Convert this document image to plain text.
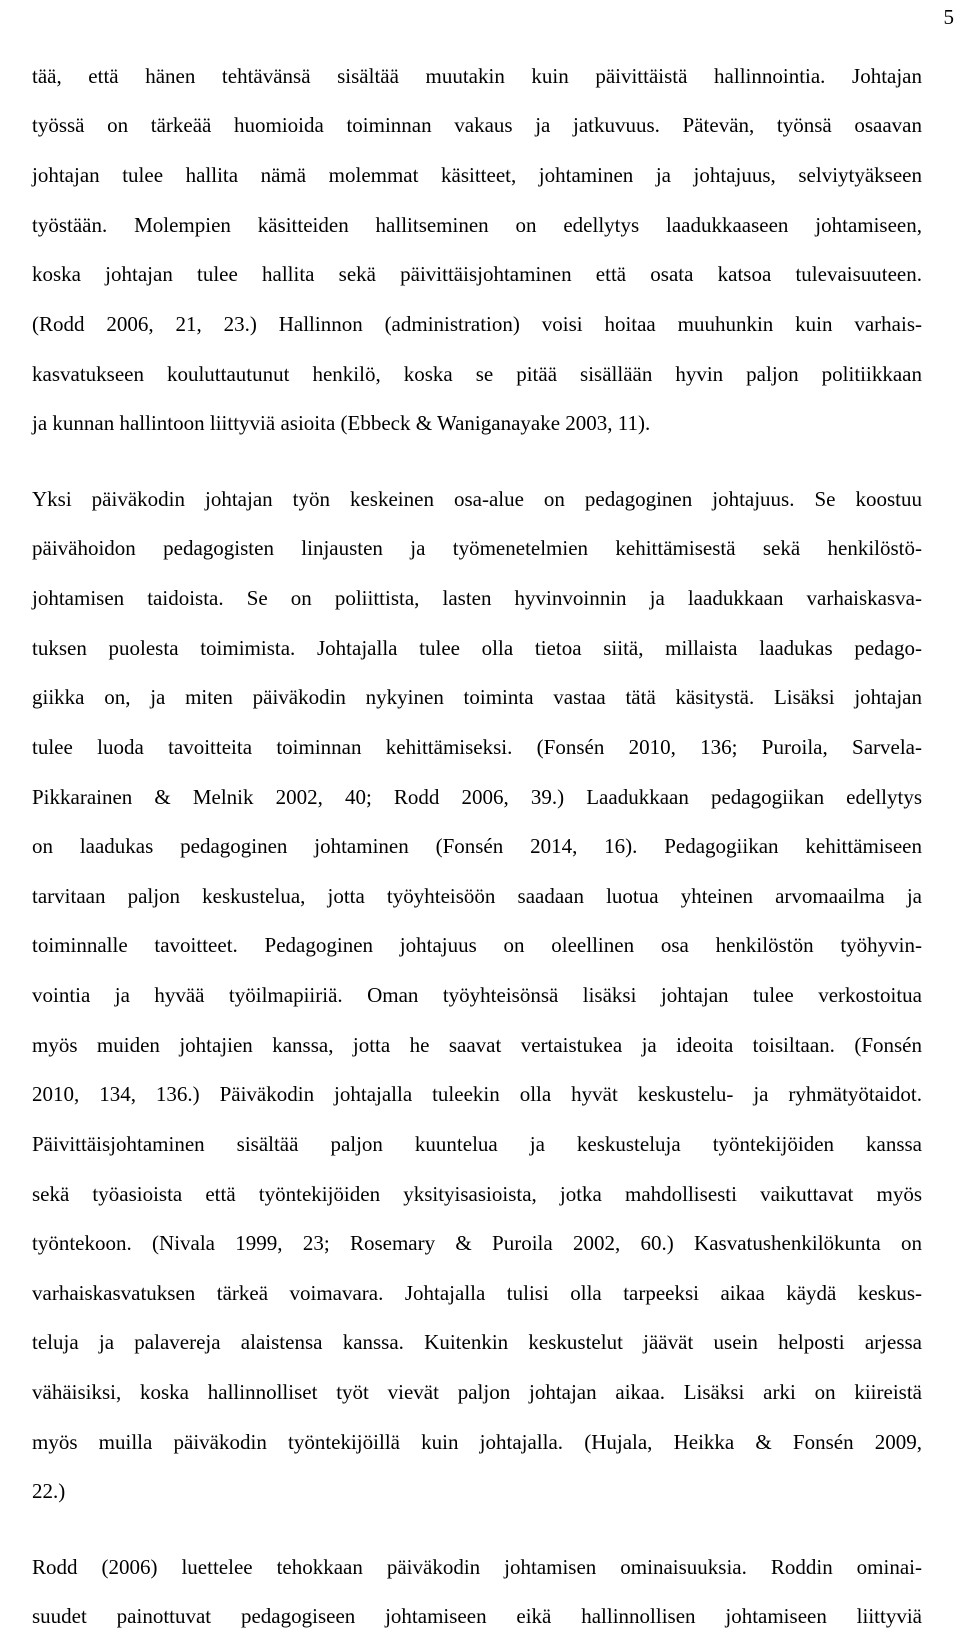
5
tää, että hänen tehtävänsä sisältää muutakin kuin päivittäistä hallinnointia. Johtajan
työssä on tärkeää huomioida toiminnan vakaus ja jatkuvuus. Pätevän, työnsä osaavan
johtajan tulee hallita nämä molemmat käsitteet, johtaminen ja johtajuus, selviytyäkseen
työstään. Molempien käsitteiden hallitseminen on edellytys laadukkaaseen johtamiseen,
koska johtajan tulee hallita sekä päivittäisjohtaminen että osata katsoa tulevaisuuteen.
(Rodd 2006, 21, 23.) Hallinnon (administration) voisi hoitaa muuhunkin kuin varhais-
kasvatukseen kouluttautunut henkilö, koska se pitää sisällään hyvin paljon politiikkaan
ja kunnan hallintoon liittyviä asioita (Ebbeck & Waniganayake 2003, 11).
Yksi päiväkodin johtajan työn keskeinen osa-alue on pedagoginen johtajuus. Se koostuu
päivähoidon pedagogisten linjausten ja työmenetelmien kehittämisestä sekä henkilöstö-
johtamisen taidoista. Se on poliittista, lasten hyvinvoinnin ja laadukkaan varhaiskasva-
tuksen puolesta toimimista. Johtajalla tulee olla tietoa siitä, millaista laadukas pedago-
giikka on, ja miten päiväkodin nykyinen toiminta vastaa tätä käsitystä. Lisäksi johtajan
tulee luoda tavoitteita toiminnan kehittämiseksi. (Fonsén 2010, 136; Puroila, Sarvela-
Pikkarainen & Melnik 2002, 40; Rodd 2006, 39.) Laadukkaan pedagogiikan edellytys
on laadukas pedagoginen johtaminen (Fonsén 2014, 16). Pedagogiikan kehittämiseen
tarvitaan paljon keskustelua, jotta työyhteisöön saadaan luotua yhteinen arvomaailma ja
toiminnalle tavoitteet. Pedagoginen johtajuus on oleellinen osa henkilöstön työhyvin-
vointia ja hyvää työilmapiiriä. Oman työyhteisönsä lisäksi johtajan tulee verkostoitua
myös muiden johtajien kanssa, jotta he saavat vertaistukea ja ideoita toisiltaan. (Fonsén
2010, 134, 136.) Päiväkodin johtajalla tuleekin olla hyvät keskustelu- ja ryhmätyötaidot.
Päivittäisjohtaminen sisältää paljon kuuntelua ja keskusteluja työntekijöiden kanssa
sekä työasioista että työntekijöiden yksityisasioista, jotka mahdollisesti vaikuttavat myös
työntekoon. (Nivala 1999, 23; Rosemary & Puroila 2002, 60.) Kasvatushenkilökunta on
varhaiskasvatuksen tärkeä voimavara. Johtajalla tulisi olla tarpeeksi aikaa käydä keskus-
teluja ja palavereja alaistensa kanssa. Kuitenkin keskustelut jäävät usein helposti arjessa
vähäisiksi, koska hallinnolliset työt vievät paljon johtajan aikaa. Lisäksi arki on kiireistä
myös muilla päiväkodin työntekijöillä kuin johtajalla. (Hujala, Heikka & Fonsén 2009,
22.)
Rodd (2006) luettelee tehokkaan päiväkodin johtamisen ominaisuuksia. Roddin ominai-
suudet painottuvat pedagogiseen johtamiseen eikä hallinnollisen johtamiseen liittyviä
